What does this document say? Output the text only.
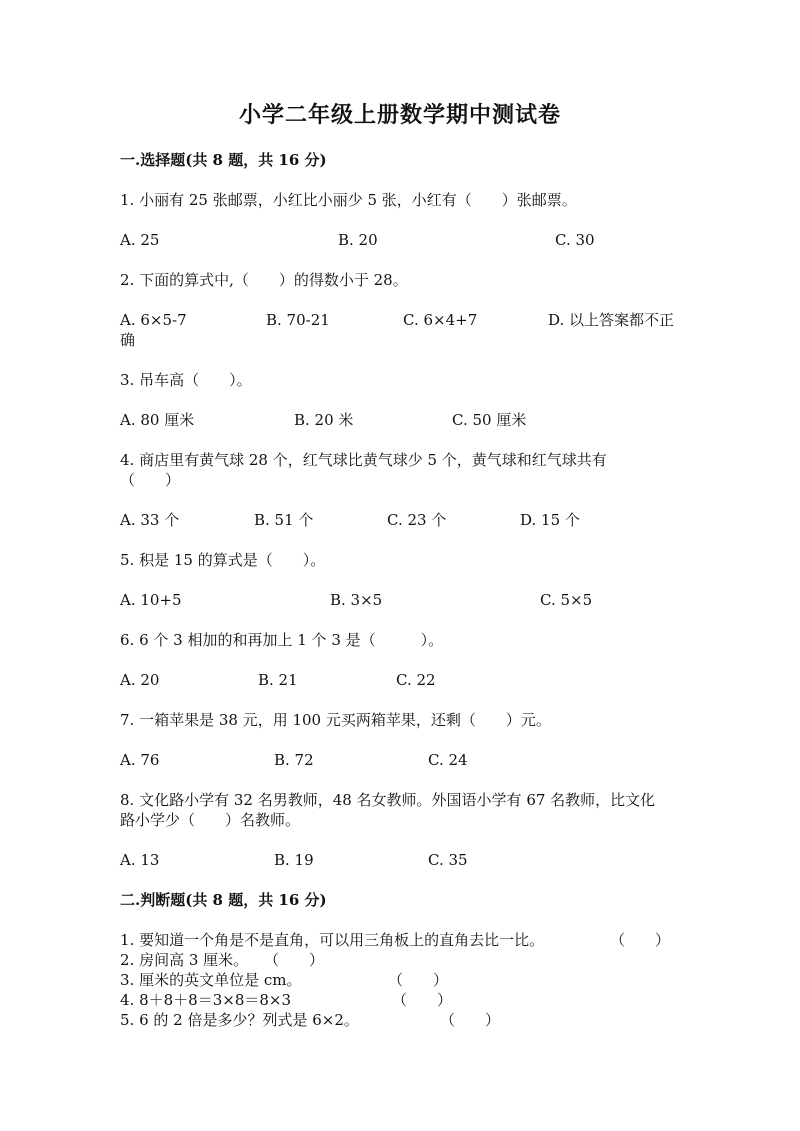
小学二年级上册数学期中测试卷
一.选择题(共 8 题，共 16 分)
1. 小丽有 25 张邮票，小红比小丽少 5 张，小红有（　　）张邮票。
A. 25	B. 20	C. 30
2. 下面的算式中,（　　）的得数小于 28。
A. 6×5-7	B. 70-21	C. 6×4+7	D. 以上答案都不正
确
3. 吊车高（　　）。
A. 80 厘米	B. 20 米	C. 50 厘米
4. 商店里有黄气球 28 个，红气球比黄气球少 5 个，黄气球和红气球共有
（　　）
A. 33 个	B. 51 个	C. 23 个	D. 15 个
5. 积是 15 的算式是（　　）。
A. 10+5	B. 3×5	C. 5×5
6. 6 个 3 相加的和再加上 1 个 3 是（　　　）。
A. 20	B. 21	C. 22
7. 一箱苹果是 38 元，用 100 元买两箱苹果，还剩（　　）元。
A. 76	B. 72	C. 24
8. 文化路小学有 32 名男教师，48 名女教师。外国语小学有 67 名教师，比文化
路小学少（　　）名教师。
A. 13	B. 19	C. 35
二.判断题(共 8 题，共 16 分)
1. 要知道一个角是不是直角，可以用三角板上的直角去比一比。	（　　）
2. 房间高 3 厘米。 （　　）
3. 厘米的英文单位是 cm。	（　　）
4. 8＋8＋8＝3×8＝8×3	（　　）
5. 6 的 2 倍是多少？列式是 6×2。	（　　）
